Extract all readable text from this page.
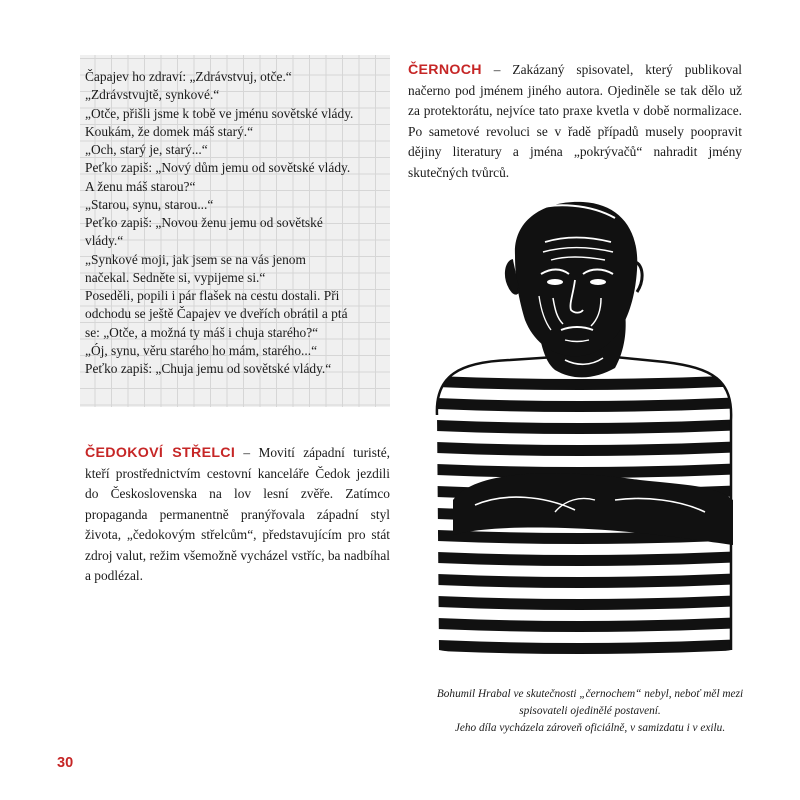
Čapajev ho zdraví: „Zdrávstvuj, otče.“
„Zdrávstvujtě, synkové.“
„Otče, přišli jsme k tobě ve jménu sovětské vlády.
Koukám, že domek máš starý.“
„Och, starý je, starý...“
Peťko zapiš: „Nový dům jemu od sovětské vlády.
A ženu máš starou?“
„Starou, synu, starou...“
Peťko zapiš: „Novou ženu jemu od sovětské
vlády.“
„Synkové moji, jak jsem se na vás jenom
načekal. Sedněte si, vypijeme si.“
Poseděli, popili i pár flašek na cestu dostali. Při
odchodu se ještě Čapajev ve dveřích obrátil a ptá
se: „Otče, a možná ty máš i chuja starého?“
„Ój, synu, věru starého ho mám, starého...“
Peťko zapiš: „Chuja jemu od sovětské vlády.“
ČERNOCH – Zakázaný spisovatel, který publikoval načerno pod jménem jiného autora. Ojediněle se tak dělo už za protektorátu, nejvíce tato praxe kvetla v době normalizace. Po sametové revoluci se v řadě případů musely poopravit dějiny literatury a jména „pokrývačů“ nahradit jmény skutečných tvůrců.
ČEDOKOVÍ STŘELCI – Movití západní turisté, kteří prostřednictvím cestovní kanceláře Čedok jezdili do Československa na lov lesní zvěře. Zatímco propaganda permanentně pranýřovala západní styl života, „čedokovým střelcům“, představujícím pro stát zdroj valut, režim všemožně vycházel vstříc, ba nadbíhal a podlézal.
Bohumil Hrabal ve skutečnosti „černochem“ nebyl, neboť měl mezi
spisovateli ojedinělé postavení.
Jeho díla vycházela zároveň oficiálně, v samizdatu i v exilu.
30
